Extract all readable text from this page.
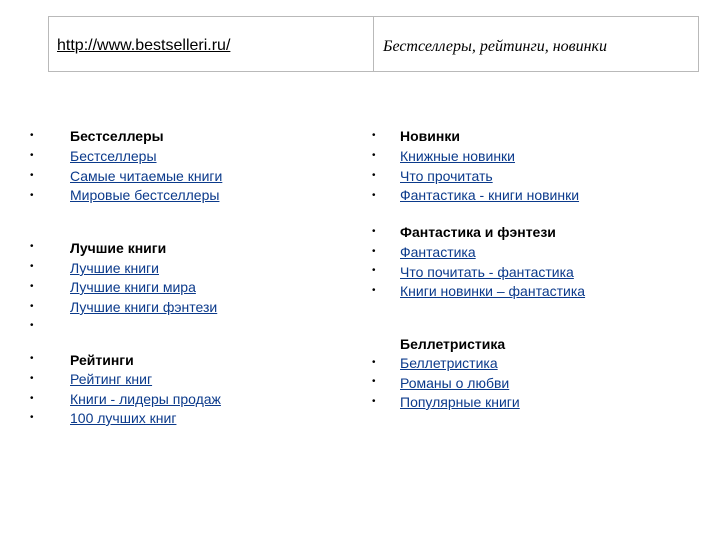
http://www.bestselleri.ru/	Бестселлеры, рейтинги, новинки
•
•
•
•
Бестселлеры
Бестселлеры
Самые читаемые книги
Мировые бестселлеры
•
•
•
•
•
Лучшие книги
Лучшие книги
Лучшие книги мира
Лучшие книги фэнтези
•
•
•
•
Рейтинги
Рейтинг книг
Книги - лидеры продаж
100 лучших книг
•
•
•
•
Новинки
Книжные новинки
Что прочитать
Фантастика - книги новинки
•
•
•
•
Фантастика и фэнтези
Фантастика
Что почитать - фантастика
Книги новинки – фантастика
•
•
•
Беллетристика
Беллетристика
Романы о любви
Популярные книги
